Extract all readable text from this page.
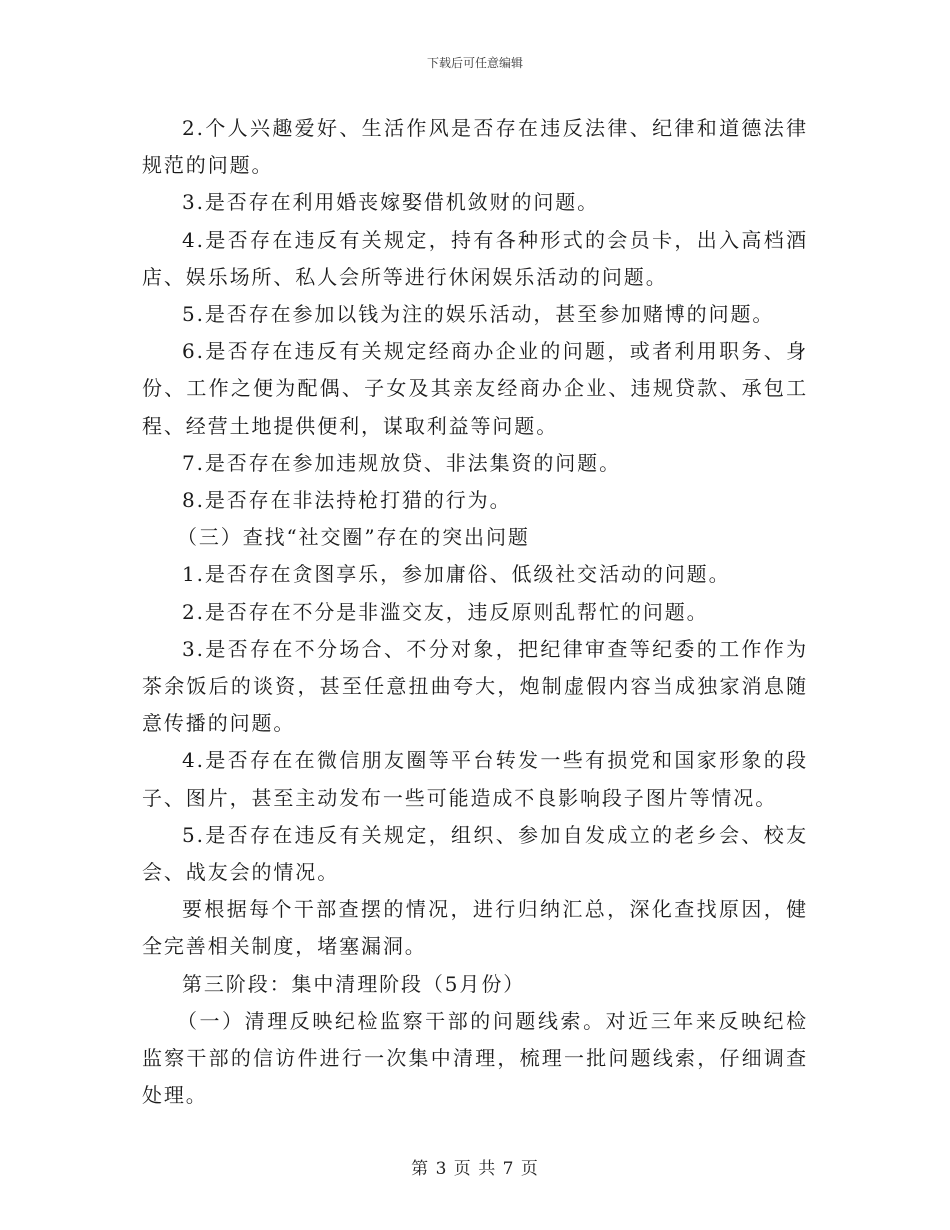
下载后可任意编辑

2.个人兴趣爱好、生活作风是否存在违反法律、纪律和道德法律规范的问题。

3.是否存在利用婚丧嫁娶借机敛财的问题。

4.是否存在违反有关规定，持有各种形式的会员卡，出入高档酒店、娱乐场所、私人会所等进行休闲娱乐活动的问题。

5.是否存在参加以钱为注的娱乐活动，甚至参加赌博的问题。

6.是否存在违反有关规定经商办企业的问题，或者利用职务、身份、工作之便为配偶、子女及其亲友经商办企业、违规贷款、承包工程、经营土地提供便利，谋取利益等问题。

7.是否存在参加违规放贷、非法集资的问题。

8.是否存在非法持枪打猎的行为。

（三）查找“社交圈”存在的突出问题

1.是否存在贪图享乐，参加庸俗、低级社交活动的问题。

2.是否存在不分是非滥交友，违反原则乱帮忙的问题。

3.是否存在不分场合、不分对象，把纪律审查等纪委的工作作为茶余饭后的谈资，甚至任意扭曲夸大，炮制虚假内容当成独家消息随意传播的问题。

4.是否存在在微信朋友圈等平台转发一些有损党和国家形象的段子、图片，甚至主动发布一些可能造成不良影响段子图片等情况。

5.是否存在违反有关规定，组织、参加自发成立的老乡会、校友会、战友会的情况。

要根据每个干部查摆的情况，进行归纳汇总，深化查找原因，健全完善相关制度，堵塞漏洞。

第三阶段：集中清理阶段（5月份）

（一）清理反映纪检监察干部的问题线索。对近三年来反映纪检监察干部的信访件进行一次集中清理，梳理一批问题线索，仔细调查处理。

第 3 页 共 7 页
